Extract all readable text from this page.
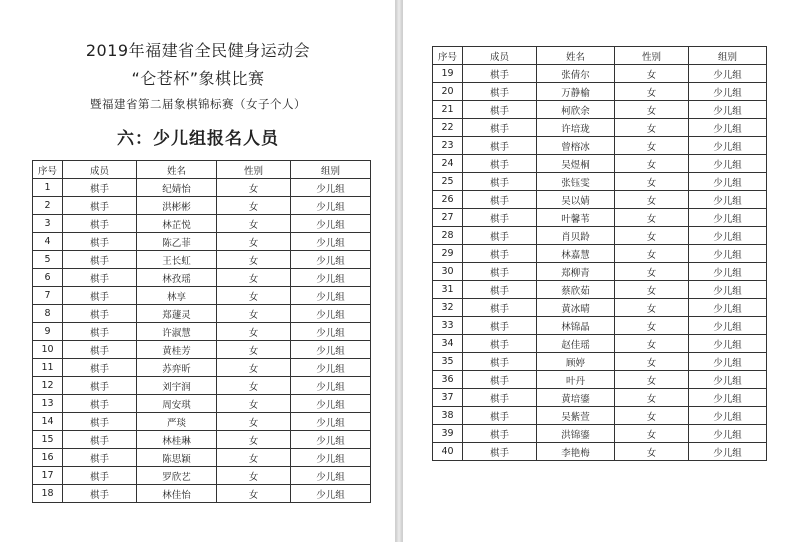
2019年福建省全民健身运动会
“仑苍杯”象棋比赛
暨福建省第二届象棋锦标赛（女子个人）
六：少儿组报名人员
序号	成员	姓名	性别	组别
1	棋手	纪婧怡	女	少儿组
2	棋手	洪彬彬	女	少儿组
3	棋手	林芷悦	女	少儿组
4	棋手	陈乙菲	女	少儿组
5	棋手	王长虹	女	少儿组
6	棋手	林孜瑶	女	少儿组
7	棋手	林享	女	少儿组
8	棋手	郑蘧灵	女	少儿组
9	棋手	许淑慧	女	少儿组
10	棋手	黄桂芳	女	少儿组
11	棋手	苏弈昕	女	少儿组
12	棋手	刘宇润	女	少儿组
13	棋手	周安琪	女	少儿组
14	棋手	严琰	女	少儿组
15	棋手	林桂琳	女	少儿组
16	棋手	陈思颖	女	少儿组
17	棋手	罗欣艺	女	少儿组
18	棋手	林佳怡	女	少儿组
序号	成员	姓名	性别	组别
19	棋手	张倩尔	女	少儿组
20	棋手	万静榆	女	少儿组
21	棋手	柯欣余	女	少儿组
22	棋手	许培珑	女	少儿组
23	棋手	曾榕冰	女	少儿组
24	棋手	吴煜桐	女	少儿组
25	棋手	张钰雯	女	少儿组
26	棋手	吴以婧	女	少儿组
27	棋手	叶馨苇	女	少儿组
28	棋手	肖贝龄	女	少儿组
29	棋手	林嘉慧	女	少儿组
30	棋手	郑柳青	女	少儿组
31	棋手	蔡欣茹	女	少儿组
32	棋手	黄冰晴	女	少儿组
33	棋手	林锦晶	女	少儿组
34	棋手	赵佳瑶	女	少儿组
35	棋手	顾婷	女	少儿组
36	棋手	叶丹	女	少儿组
37	棋手	黄培鎏	女	少儿组
38	棋手	吴紫萱	女	少儿组
39	棋手	洪锦鎏	女	少儿组
40	棋手	李艳梅	女	少儿组
